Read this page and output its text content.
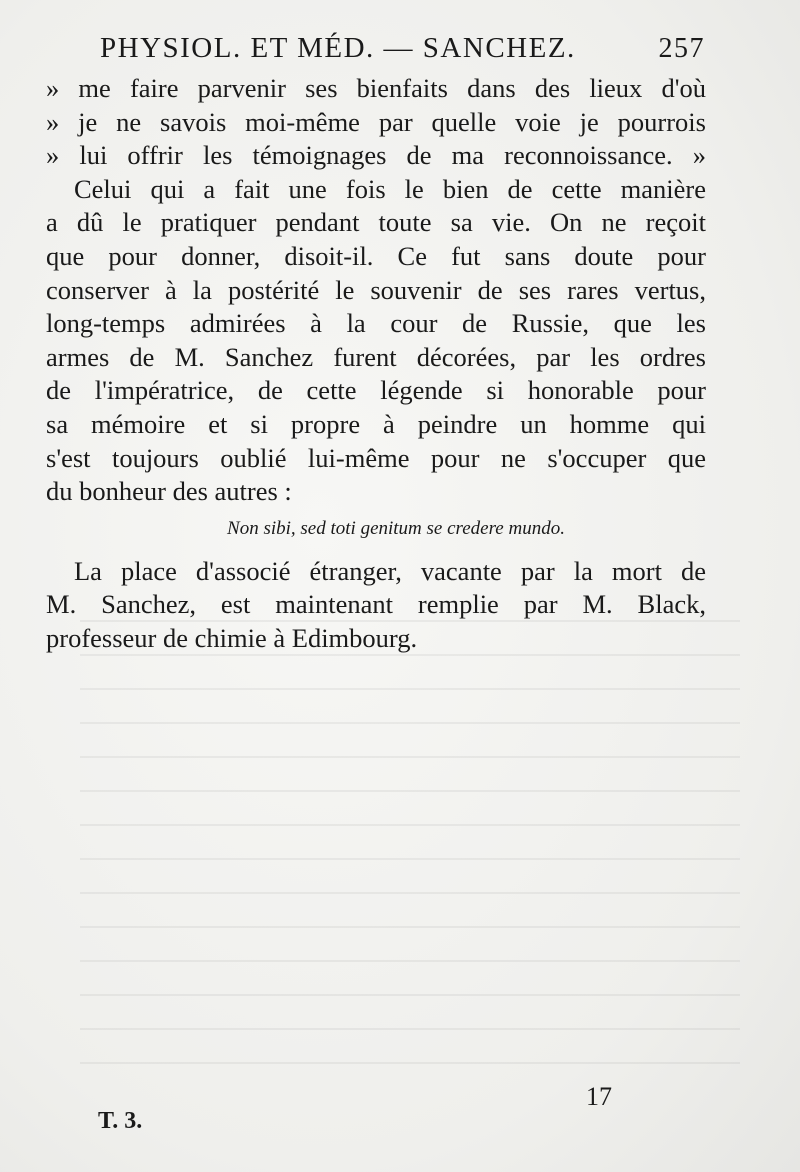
PHYSIOL. ET MÉD. — SANCHEZ.	257
» me faire parvenir ses bienfaits dans des lieux d'où
» je ne savois moi-même par quelle voie je pourrois
» lui offrir les témoignages de ma reconnoissance. »
Celui qui a fait une fois le bien de cette manière
a dû le pratiquer pendant toute sa vie. On ne reçoit
que pour donner, disoit-il. Ce fut sans doute pour
conserver à la postérité le souvenir de ses rares vertus,
long-temps admirées à la cour de Russie, que les
armes de M. Sanchez furent décorées, par les ordres
de l'impératrice, de cette légende si honorable pour
sa mémoire et si propre à peindre un homme qui
s'est toujours oublié lui-même pour ne s'occuper que
du bonheur des autres :
Non sibi, sed toti genitum se credere mundo.
La place d'associé étranger, vacante par la mort de
M. Sanchez, est maintenant remplie par M. Black,
professeur de chimie à Edimbourg.
17
T. 3.
